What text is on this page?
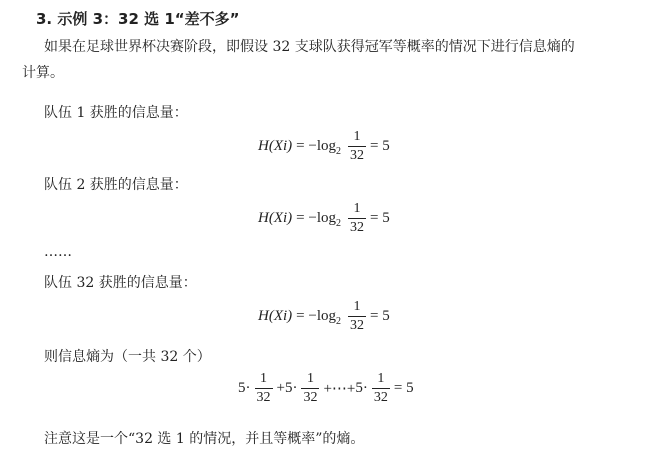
3. 示例 3：32 选 1“差不多”
如果在足球世界杯决赛阶段，即假设 32 支球队获得冠军等概率的情况下进行信息熵的
计算。
队伍 1 获胜的信息量：
H (Xi) = −log $2 \frac{1}{32} = 5$
队伍 2 获胜的信息量：
H (Xi) = −log $2 \frac{1}{32} = 5$
……
队伍 32 获胜的信息量：
H (Xi) = −log $2 \frac{1}{32} = 5$
则信息熵为（一共 32 个）
$5 \cdot \frac{1}{32} + 5 \cdot \frac{1}{32}$ +⋯+ $5 \cdot \frac{1}{32} = 5$
注意这是一个“32 选 1 的情况，并且等概率”的熵。
